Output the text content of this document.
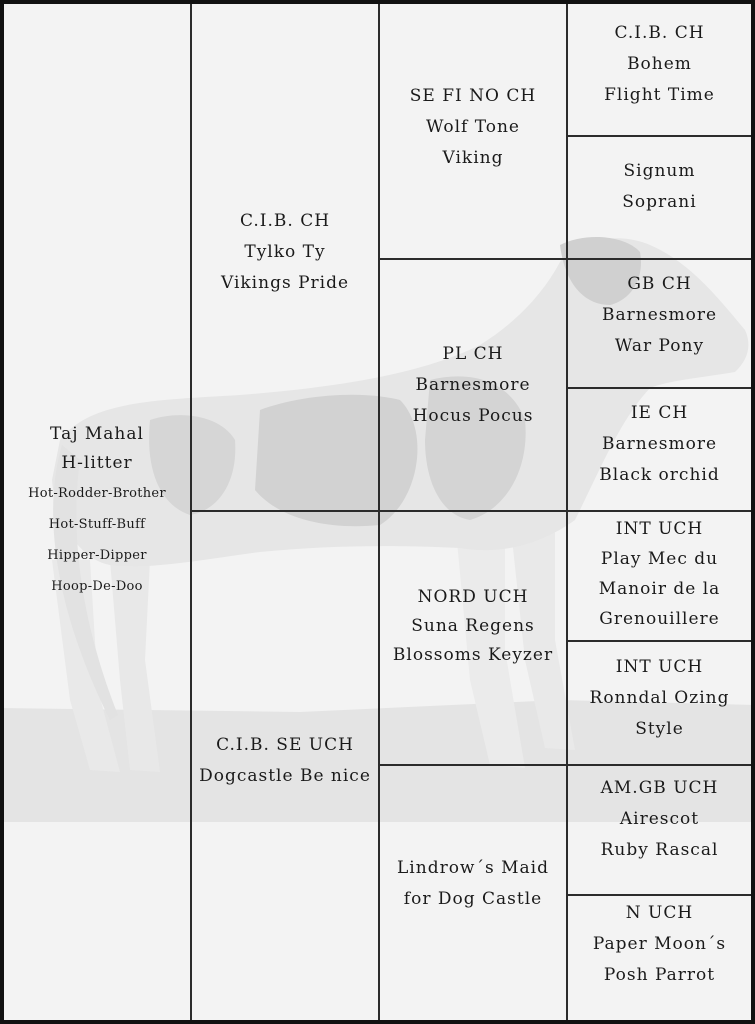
Taj Mahal
H-litter
Hot-Rodder-Brother
Hot-Stuff-Buff
Hipper-Dipper
Hoop-De-Doo
C.I.B. CH
Tylko Ty
Vikings Pride
C.I.B. SE UCH
Dogcastle Be nice
SE FI NO CH
Wolf Tone
Viking
PL CH
Barnesmore
Hocus Pocus
NORD UCH
Suna Regens
Blossoms Keyzer
Lindrow´s Maid
for Dog Castle
C.I.B. CH
Bohem
Flight Time
Signum
Soprani
GB CH
Barnesmore
War Pony
IE CH
Barnesmore
Black orchid
INT UCH
Play Mec du
Manoir de la
Grenouillere
INT UCH
Ronndal Ozing
Style
AM.GB UCH
Airescot
Ruby Rascal
N UCH
Paper Moon´s
Posh Parrot
